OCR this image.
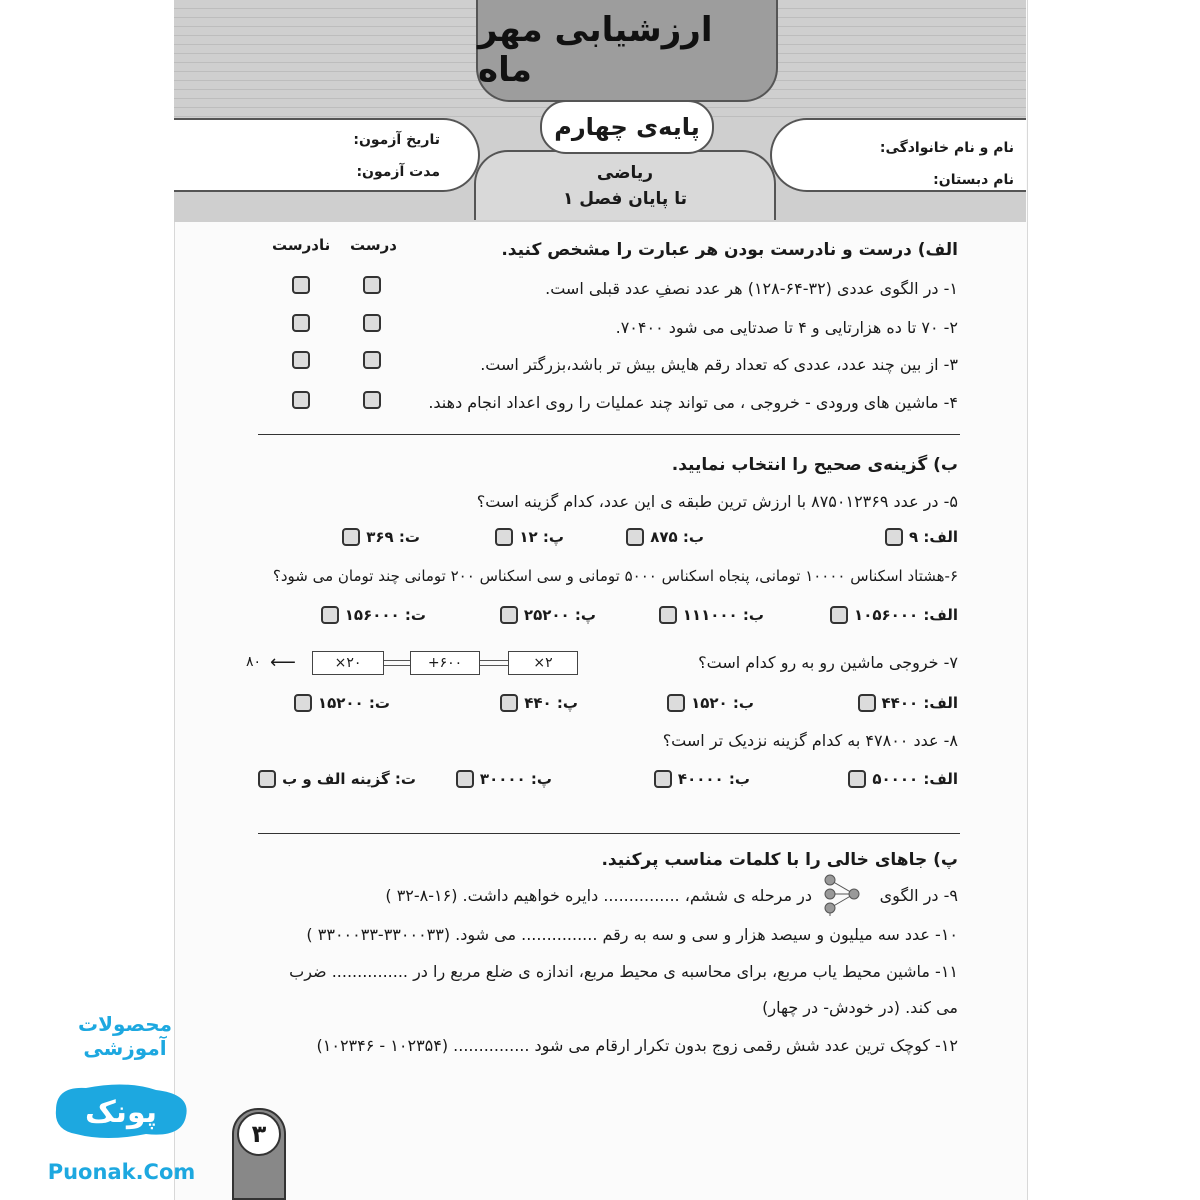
ارزشیابی مهر ماه
نام و نام خانوادگی:
نام دبستان:
تاریخ آزمون:
مدت آزمون:	ریاضی
تا پایان فصل ۱
پایه‌ی چهارم
الف) درست و نادرست بودن هر عبارت را مشخص کنید.
درست
نادرست
۱- در الگوی عددی (۳۲-۶۴-۱۲۸) هر عدد نصفِ عدد قبلی است.
۲- ۷۰ تا ده هزارتایی و ۴ تا صدتایی می شود ۷۰۴۰۰.
۳- از بین چند عدد، عددی که تعداد رقم هایش بیش تر باشد،بزرگتر است.
۴- ماشین های ورودی - خروجی ، می تواند چند عملیات را روی اعداد انجام دهند.
ب) گزینه‌ی صحیح را انتخاب نمایید.
۵- در عدد ۸۷۵۰۱۲۳۶۹ با ارزش ترین طبقه ی این عدد، کدام گزینه است؟
الف: ۹
ب: ۸۷۵
پ: ۱۲
ت: ۳۶۹
۶-هشتاد اسکناس ۱۰۰۰۰ تومانی، پنجاه اسکناس ۵۰۰۰ تومانی و سی اسکناس ۲۰۰ تومانی چند تومان می شود؟
الف: ۱۰۵۶۰۰۰
ب: ۱۱۱۰۰۰
پ: ۲۵۲۰۰
ت: ۱۵۶۰۰۰
۷- خروجی ماشین رو به رو کدام است؟
۸۰ ⟵	×۲۰	+۶۰۰	×۲
الف: ۴۴۰۰
ب: ۱۵۲۰
پ: ۴۴۰
ت: ۱۵۲۰۰
۸- عدد ۴۷۸۰۰ به کدام گزینه نزدیک تر است؟
الف: ۵۰۰۰۰
ب: ۴۰۰۰۰
پ: ۳۰۰۰۰
ت: گزینه الف و ب
پ) جاهای خالی را با کلمات مناسب پرکنید.
۹- در الگوی
در مرحله ی ششم، ............... دایره خواهیم داشت. (۱۶-۸-۳۲ )
۱۰- عدد سه میلیون و سیصد هزار و سی و سه به رقم ............... می شود. (۳۳۰۰۰۳۳-۳۳۰۰۰۳۳ )
۱۱- ماشین محیط یاب مربع، برای محاسبه ی محیط مربع، اندازه ی ضلع مربع را در ............... ضرب
می کند. (در خودش- در چهار)
۱۲- کوچک ترین عدد شش رقمی زوج بدون تکرار ارقام می شود ............... (۱۰۲۳۵۴ - ۱۰۲۳۴۶)
۳
محصولات آموزشی
پونک
Puonak.Com
